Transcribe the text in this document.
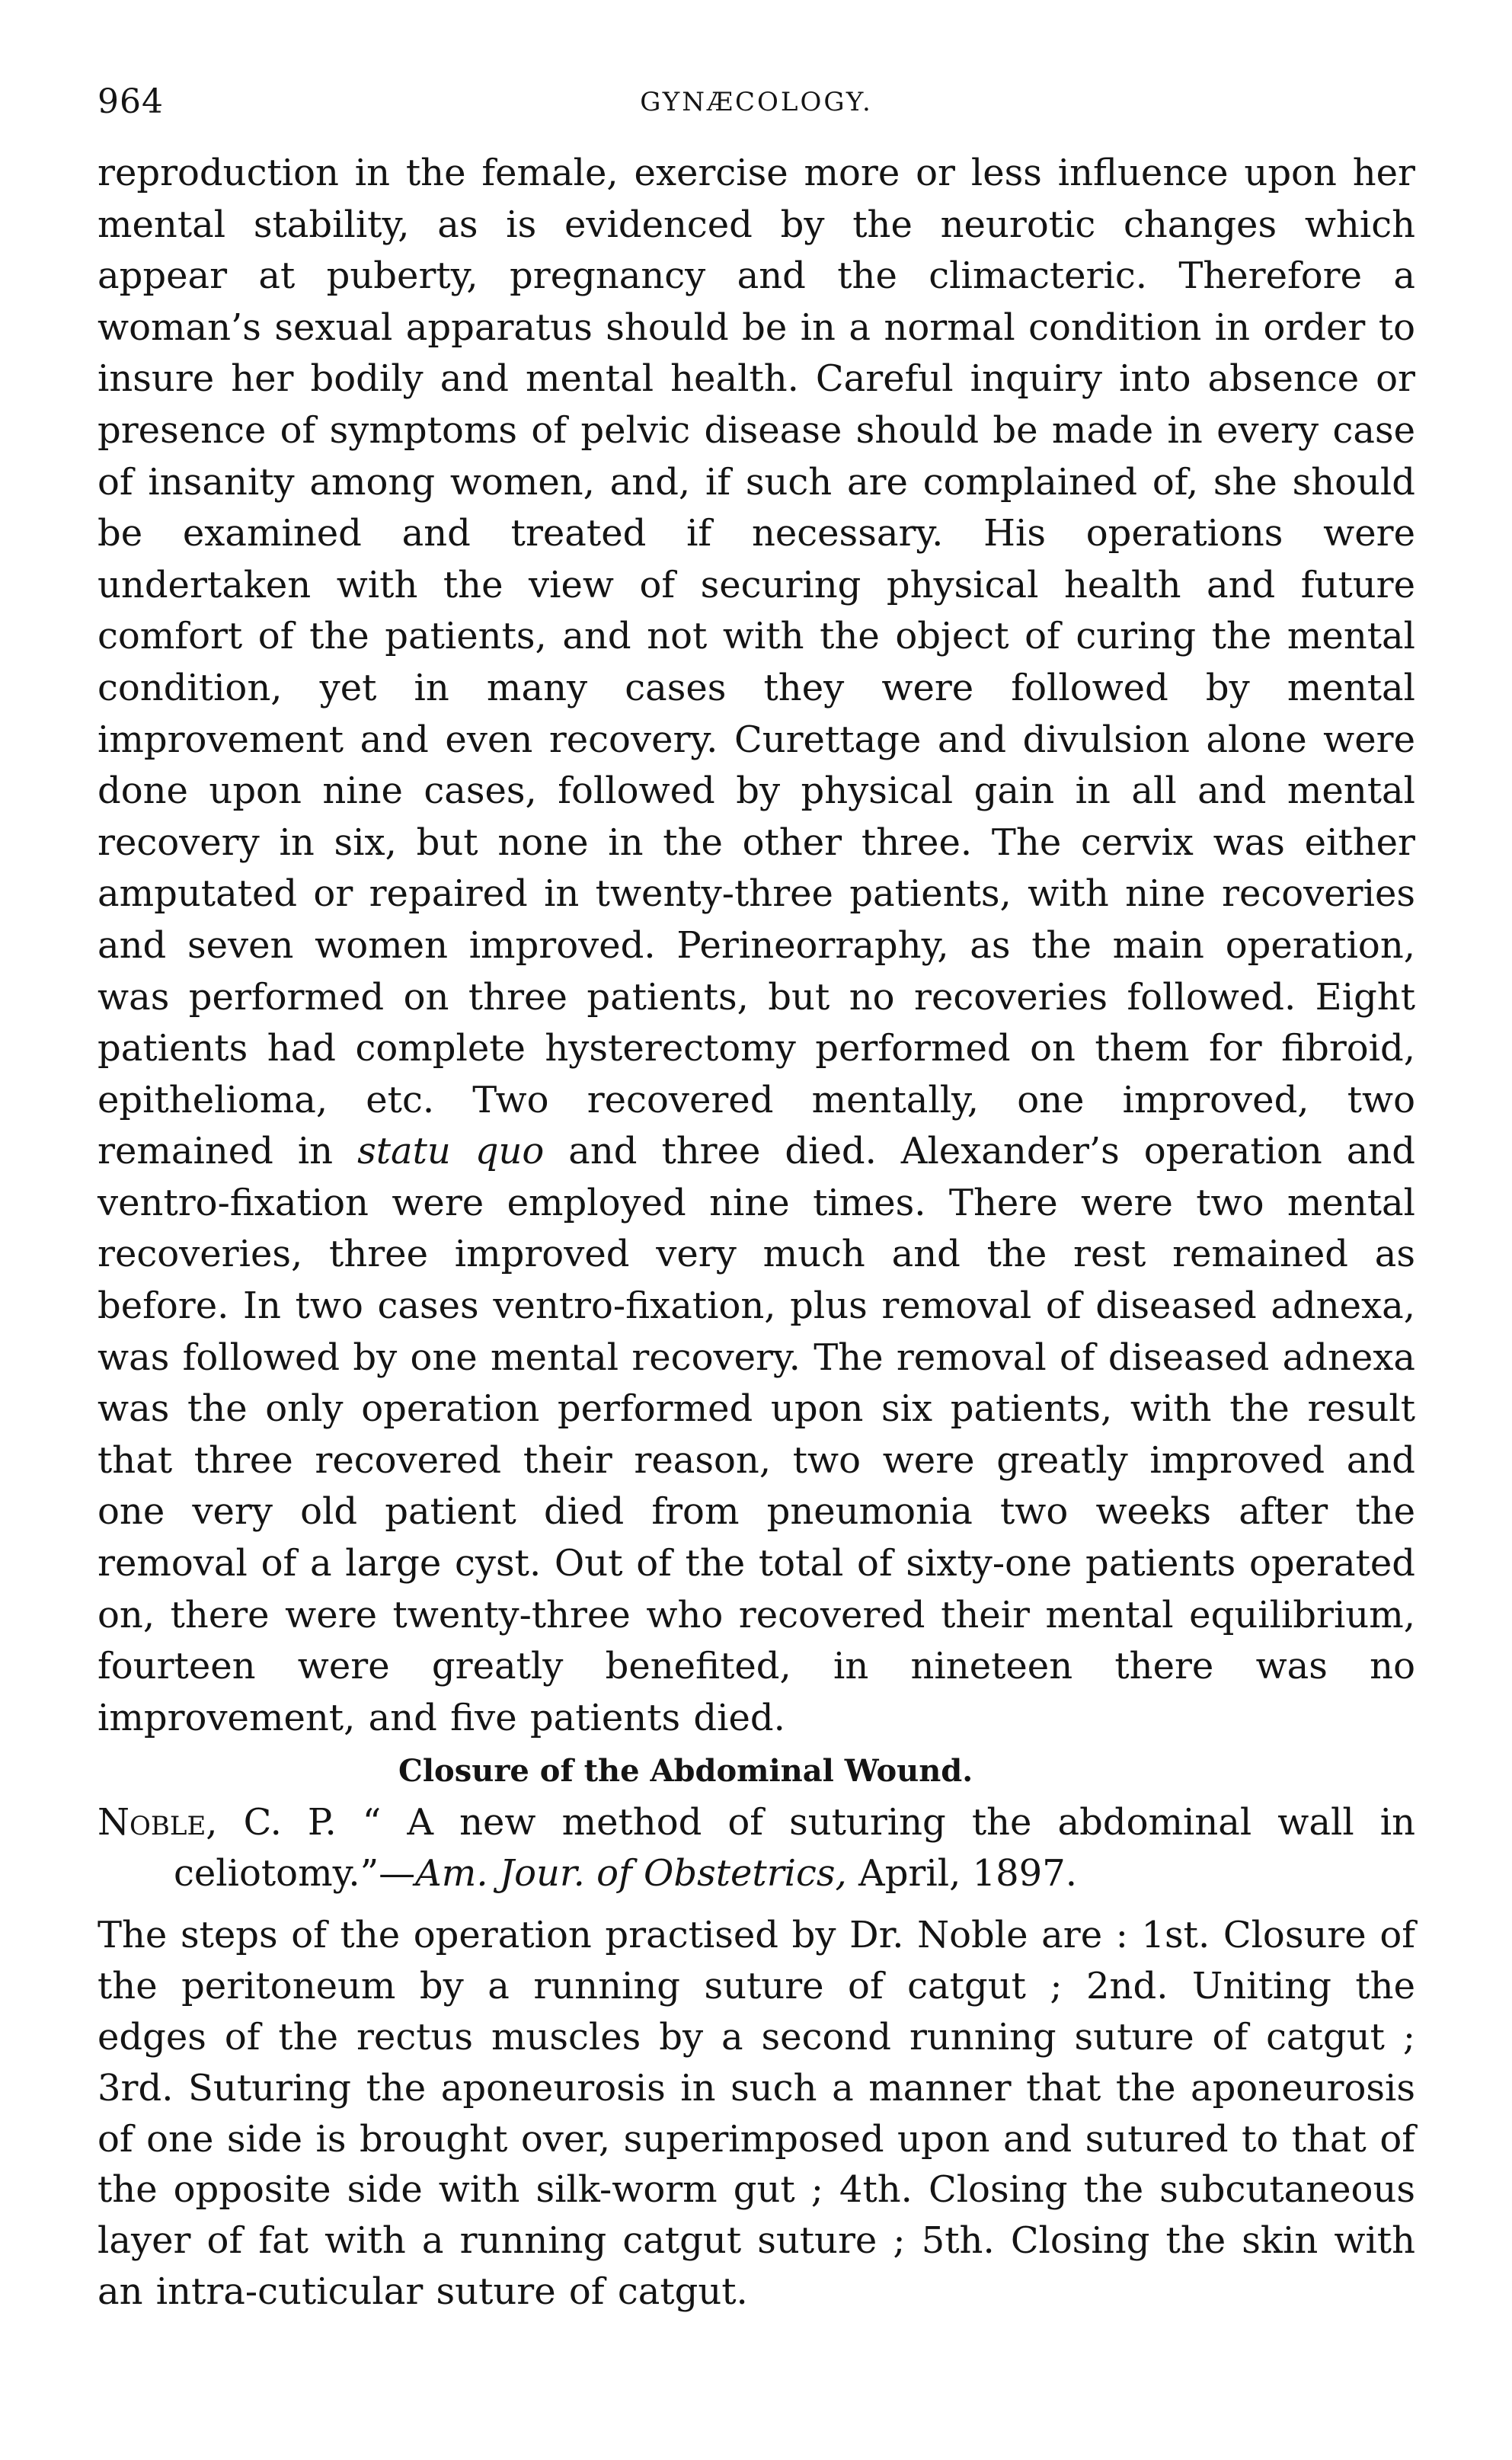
964	GYNÆCOLOGY.

reproduction in the female, exercise more or less influence upon her mental stability, as is evidenced by the neurotic changes which appear at puberty, pregnancy and the climacteric. Therefore a woman’s sexual apparatus should be in a normal condition in order to insure her bodily and mental health. Careful inquiry into absence or presence of symptoms of pelvic disease should be made in every case of insanity among women, and, if such are complained of, she should be examined and treated if necessary. His operations were undertaken with the view of securing physical health and future comfort of the patients, and not with the object of curing the mental condition, yet in many cases they were followed by mental improvement and even recovery. Curettage and divulsion alone were done upon nine cases, followed by physical gain in all and mental recovery in six, but none in the other three. The cervix was either amputated or repaired in twenty-three patients, with nine recoveries and seven women improved. Perineorraphy, as the main operation, was performed on three patients, but no recoveries followed. Eight patients had complete hysterectomy performed on them for fibroid, epithelioma, etc. Two recovered mentally, one improved, two remained in statu quo and three died. Alexander’s operation and ventro-fixation were employed nine times. There were two mental recoveries, three improved very much and the rest remained as before. In two cases ventro-fixation, plus removal of diseased adnexa, was followed by one mental recovery. The removal of diseased adnexa was the only operation performed upon six patients, with the result that three recovered their reason, two were greatly improved and one very old patient died from pneumonia two weeks after the removal of a large cyst. Out of the total of sixty-one patients operated on, there were twenty-three who recovered their mental equilibrium, fourteen were greatly benefited, in nineteen there was no improvement, and five patients died.

Closure of the Abdominal Wound.

Noble, C. P. “ A new method of suturing the abdominal wall in celiotomy.”—Am. Jour. of Obstetrics, April, 1897.

The steps of the operation practised by Dr. Noble are : 1st. Closure of the peritoneum by a running suture of catgut ; 2nd. Uniting the edges of the rectus muscles by a second running suture of catgut ; 3rd. Suturing the aponeurosis in such a manner that the aponeurosis of one side is brought over, superimposed upon and sutured to that of the opposite side with silk-worm gut ; 4th. Closing the subcutaneous layer of fat with a running catgut suture ; 5th. Closing the skin with an intra-cuticular suture of catgut.
